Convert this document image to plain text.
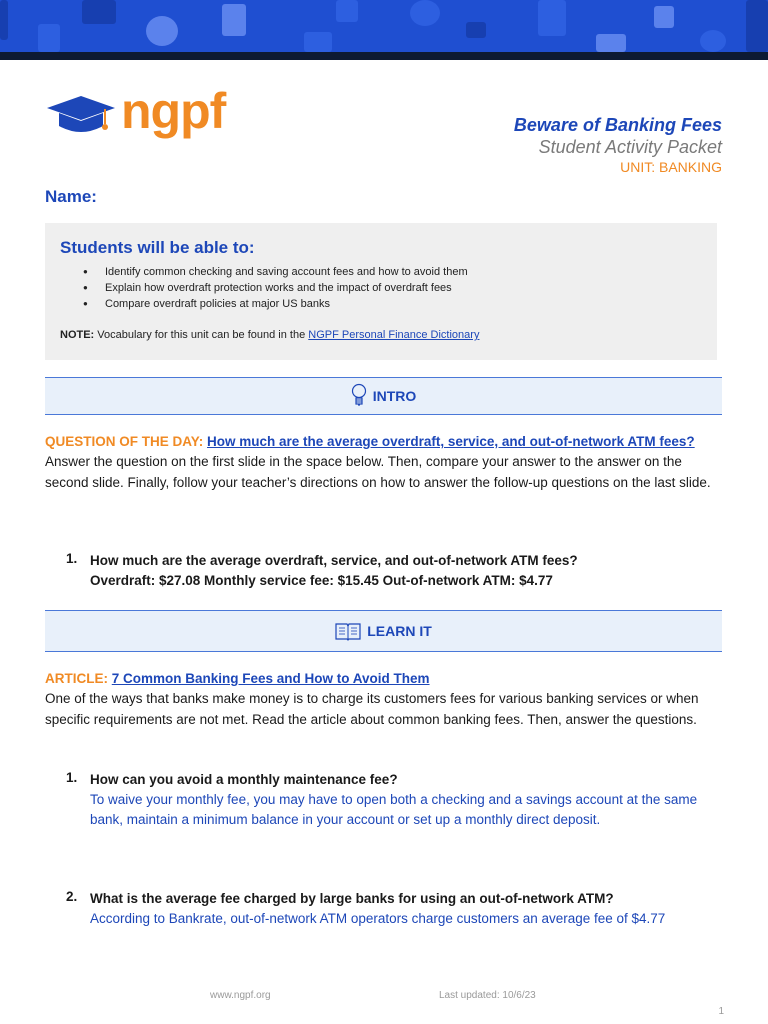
ngpf	Beware of Banking Fees
Student Activity Packet
UNIT: BANKING
Name:
Students will be able to:
● Identify common checking and saving account fees and how to avoid them
● Explain how overdraft protection works and the impact of overdraft fees
● Compare overdraft policies at major US banks
NOTE: Vocabulary for this unit can be found in the NGPF Personal Finance Dictionary
INTRO
QUESTION OF THE DAY: How much are the average overdraft, service, and out-of-network ATM fees?
Answer the question on the first slide in the space below. Then, compare your answer to the answer on the second slide. Finally, follow your teacher’s directions on how to answer the follow-up questions on the last slide.
1. How much are the average overdraft, service, and out-of-network ATM fees?
Overdraft: $27.08 Monthly service fee: $15.45 Out-of-network ATM: $4.77
LEARN IT
ARTICLE: 7 Common Banking Fees and How to Avoid Them
One of the ways that banks make money is to charge its customers fees for various banking services or when specific requirements are not met. Read the article about common banking fees. Then, answer the questions.
1. How can you avoid a monthly maintenance fee?
To waive your monthly fee, you may have to open both a checking and a savings account at the same bank, maintain a minimum balance in your account or set up a monthly direct deposit.
2. What is the average fee charged by large banks for using an out-of-network ATM?
According to Bankrate, out-of-network ATM operators charge customers an average fee of $4.77
www.ngpf.org	Last updated: 10/6/23
1
